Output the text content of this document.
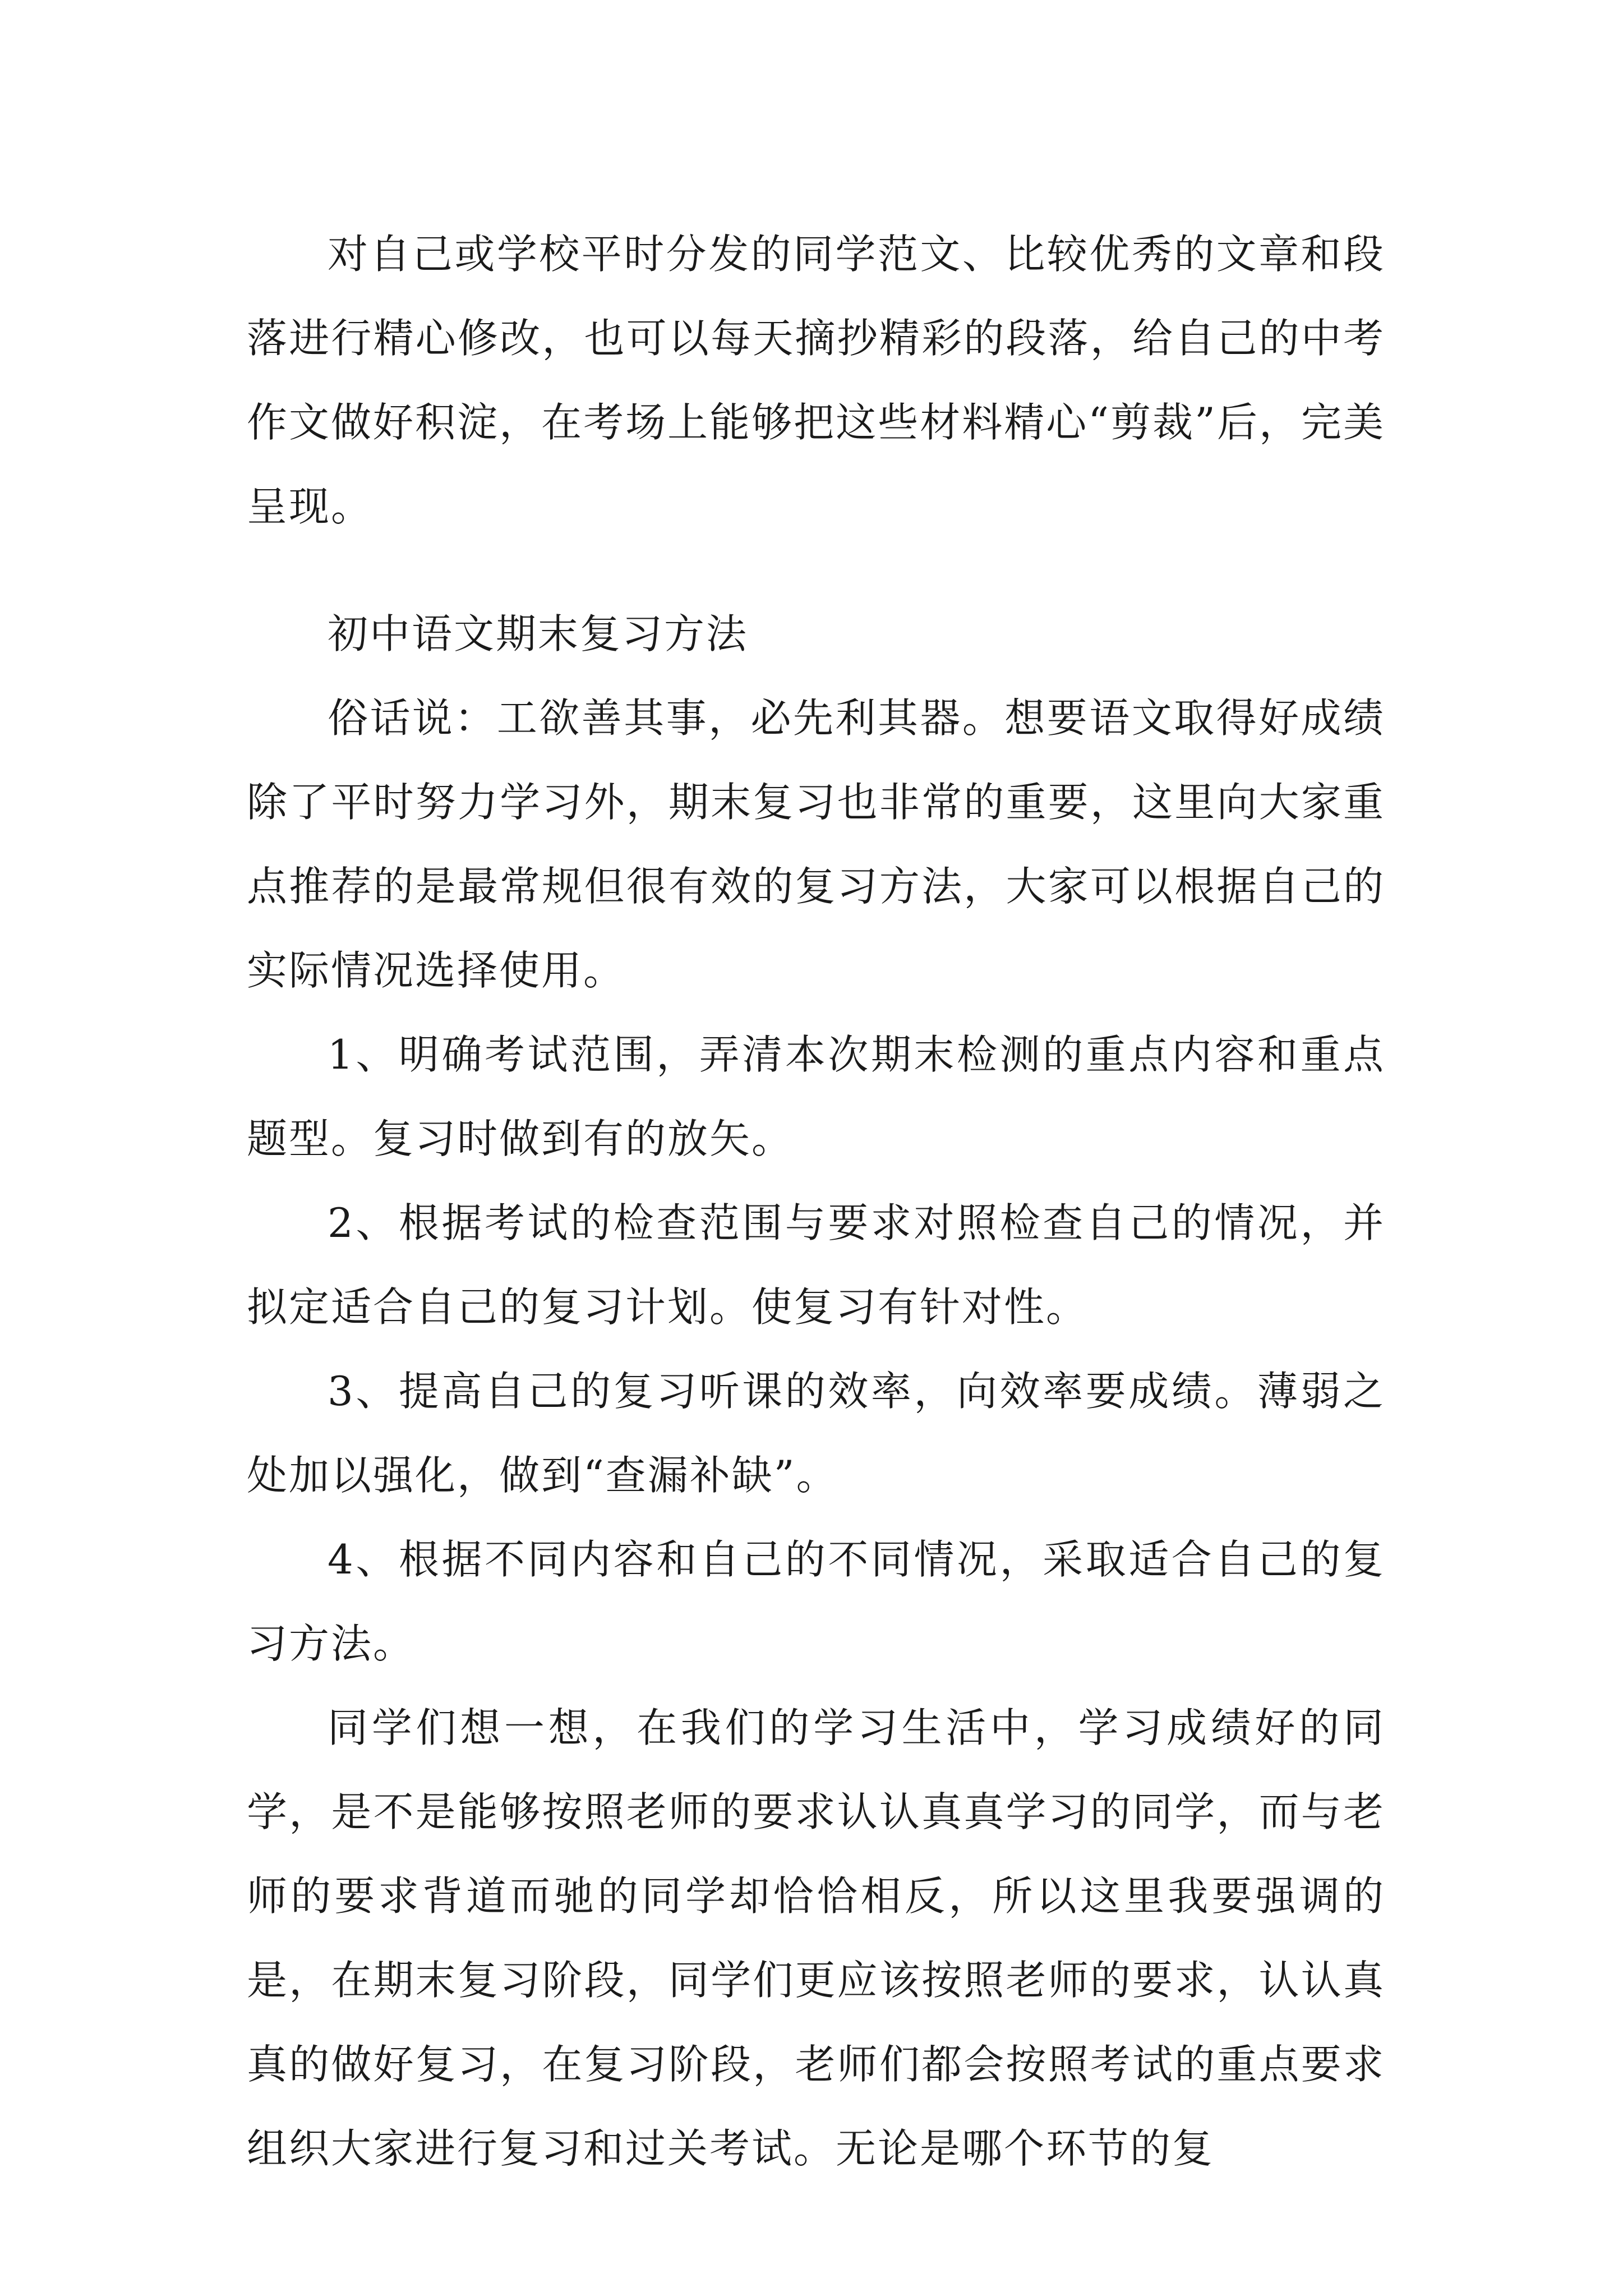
对自己或学校平时分发的同学范文、比较优秀的文章和段落进行精心修改，也可以每天摘抄精彩的段落，给自己的中考作文做好积淀，在考场上能够把这些材料精心“剪裁”后，完美呈现。

初中语文期末复习方法

俗话说：工欲善其事，必先利其器。想要语文取得好成绩除了平时努力学习外，期末复习也非常的重要，这里向大家重点推荐的是最常规但很有效的复习方法，大家可以根据自己的实际情况选择使用。

1、明确考试范围，弄清本次期末检测的重点内容和重点题型。复习时做到有的放矢。

2、根据考试的检查范围与要求对照检查自己的情况，并拟定适合自己的复习计划。使复习有针对性。

3、提高自己的复习听课的效率，向效率要成绩。薄弱之处加以强化，做到“查漏补缺”。

4、根据不同内容和自己的不同情况，采取适合自己的复习方法。

同学们想一想，在我们的学习生活中，学习成绩好的同学，是不是能够按照老师的要求认认真真学习的同学，而与老师的要求背道而驰的同学却恰恰相反，所以这里我要强调的是，在期末复习阶段，同学们更应该按照老师的要求，认认真真的做好复习，在复习阶段，老师们都会按照考试的重点要求组织大家进行复习和过关考试。无论是哪个环节的复
